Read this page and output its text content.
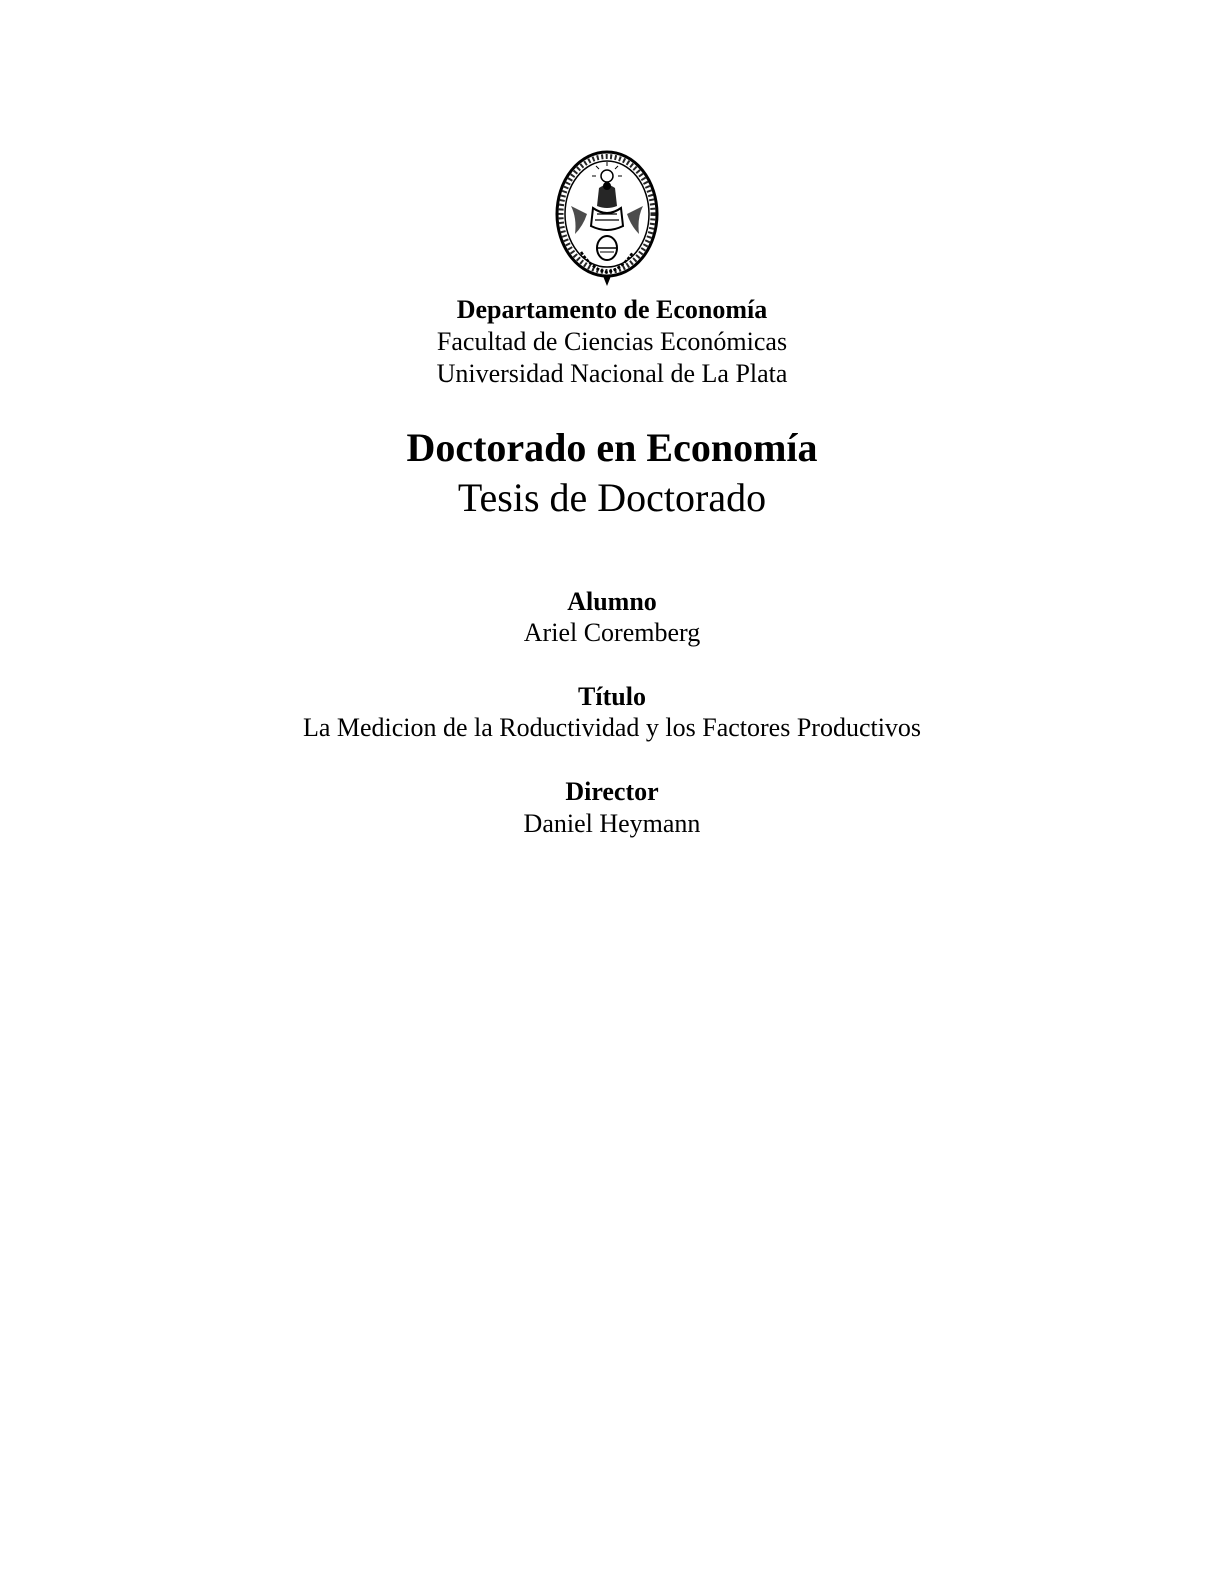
Departamento de Economía
Facultad de Ciencias Económicas
Universidad Nacional de La Plata
Doctorado en Economía
Tesis de Doctorado
Alumno
Ariel Coremberg
Título
La Medicion de la Roductividad y los Factores Productivos
Director
Daniel Heymann
